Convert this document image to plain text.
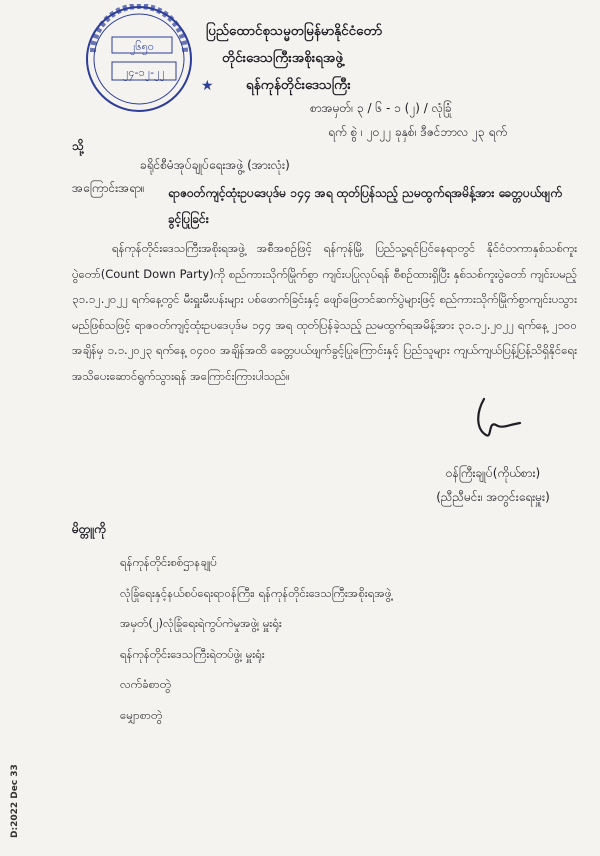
၂၆၅၀
၂၄-၁၂-၂၂
★
ပြည်ထောင်စုသမ္မတမြန်မာနိုင်ငံတော်
တိုင်းဒေသကြီးအစိုးရအဖွဲ့
ရန်ကုန်တိုင်းဒေသကြီး
စာအမှတ်၊ ၃ / ၆ - ၁ (၂) / လုံခြုံ
ရက် စွဲ ၊ ၂၀၂၂ ခုနှစ်၊ ဒီဇင်ဘာလ ၂၃ ရက်
သို့
ခရိုင်စီမံအုပ်ချုပ်ရေးအဖွဲ့ (အားလုံး)
အကြောင်းအရာ။ ရာဇဝတ်ကျင့်ထုံးဥပဒေပုဒ်မ ၁၄၄ အရ ထုတ်ပြန်သည့် ညမထွက်ရအမိန့်အား ခေတ္တပယ်ဖျက်ခွင့်ပြုခြင်း
ရန်ကုန်တိုင်းဒေသကြီးအစိုးရအဖွဲ့ အစီအစဉ်ဖြင့် ရန်ကုန်မြို့ ပြည်သူ့ရင်ပြင်နေရာတွင် နိုင်ငံတကာနှစ်သစ်ကူးပွဲတော်(Count Down Party)ကို စည်ကားသိုက်မြိုက်စွာ ကျင်းပပြုလုပ်ရန် စီစဉ်ထားရှိပြီး နှစ်သစ်ကူးပွဲတော် ကျင်းပမည့် ၃၁.၁၂.၂၀၂၂ ရက်နေ့တွင် မီးရှူးမီးပန်းများ ပစ်ဖောက်ခြင်းနှင့် ဖျော်ဖြေတင်ဆက်ပွဲများဖြင့် စည်ကားသိုက်မြိုက်စွာကျင်းပသွားမည်ဖြစ်သဖြင့် ရာဇဝတ်ကျင့်ထုံးဥပဒေပုဒ်မ ၁၄၄ အရ ထုတ်ပြန်ခဲ့သည့် ညမထွက်ရအမိန့်အား ၃၁.၁၂.၂၀၂၂ ရက်နေ့ ၂၁၀၀ အချိန်မှ ၁.၁.၂၀၂၃ ရက်နေ့ ၀၄၀၀ အချိန်အထိ ခေတ္တပယ်ဖျက်ခွင့်ပြုကြောင်းနှင့် ပြည်သူများ ကျယ်ကျယ်ပြန့်ပြန့်သိရှိနိုင်ရေး အသိပေးဆောင်ရွက်သွားရန် အကြောင်းကြားပါသည်။
ဝန်ကြီးချုပ်(ကိုယ်စား)
(ညီညီမင်း၊ အတွင်းရေးမှူး)
မိတ္တူကို
ရန်ကုန်တိုင်းစစ်ဌာနချုပ်
လုံခြုံရေးနှင့်နယ်စပ်ရေးရာဝန်ကြီး၊ ရန်ကုန်တိုင်းဒေသကြီးအစိုးရအဖွဲ့
အမှတ်(၂)လုံခြုံရေးရဲကွပ်ကဲမှုအဖွဲ့၊ မှူးရုံး
ရန်ကုန်တိုင်းဒေသကြီးရဲတပ်ဖွဲ့၊ မှူးရုံး
လက်ခံစာတွဲ
မျှောစာတွဲ
D:2022 Dec 33
